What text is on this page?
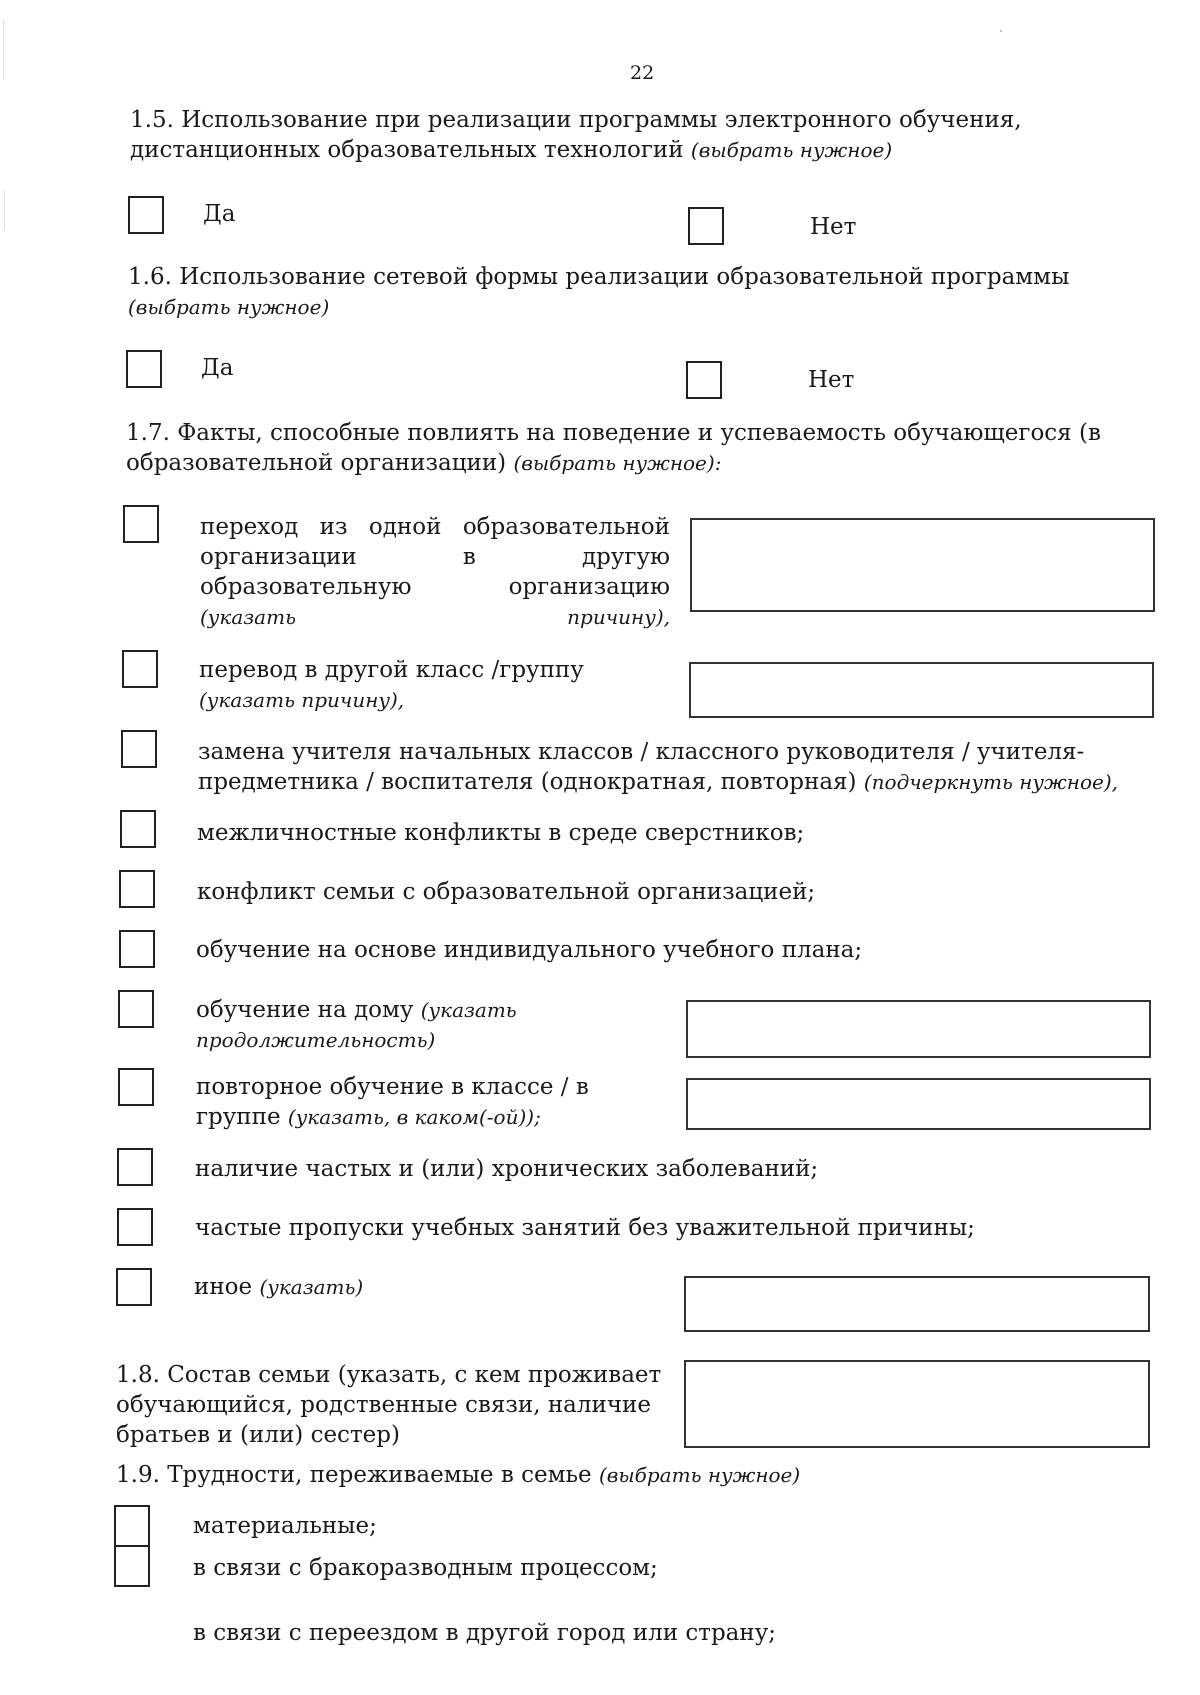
22
1.5. Использование при реализации программы электронного обучения, дистанционных образовательных технологий (выбрать нужное)
Да	Нет
1.6. Использование сетевой формы реализации образовательной программы (выбрать нужное)
Да	Нет
1.7. Факты, способные повлиять на поведение и успеваемость обучающегося (в образовательной организации) (выбрать нужное):
переход из одной образовательной организации в другую образовательную организацию (указать причину),
перевод в другой класс /группу (указать причину),
замена учителя начальных классов / классного руководителя / учителя-предметника / воспитателя (однократная, повторная) (подчеркнуть нужное),
межличностные конфликты в среде сверстников;
конфликт семьи с образовательной организацией;
обучение на основе индивидуального учебного плана;
обучение на дому (указать продолжительность)
повторное обучение в классе / в группе (указать, в каком(-ой));
наличие частых и (или) хронических заболеваний;
частые пропуски учебных занятий без уважительной причины;
иное (указать)
1.8. Состав семьи (указать, с кем проживает обучающийся, родственные связи, наличие братьев и (или) сестер)
1.9. Трудности, переживаемые в семье (выбрать нужное)
материальные;
в связи с бракоразводным процессом;
в связи с переездом в другой город или страну;
